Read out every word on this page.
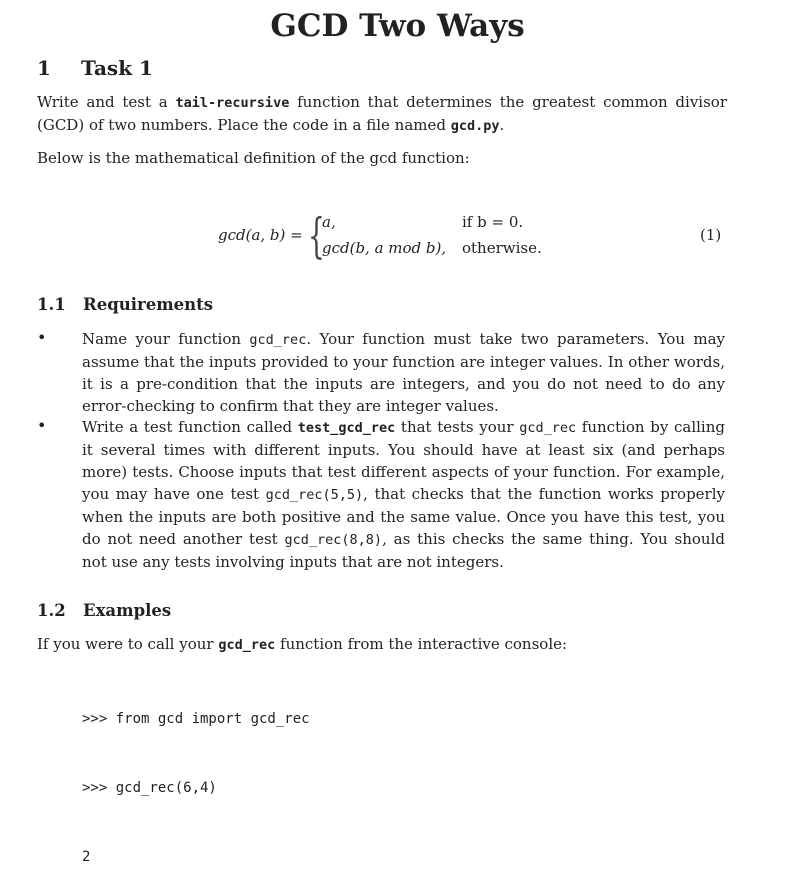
GCD Two Ways
1 Task 1
Write and test a tail-recursive function that determines the greatest common divisor (GCD) of two numbers. Place the code in a file named gcd.py.
Below is the mathematical definition of the gcd function:
gcd(a, b) = {
a,	if b = 0.
gcd(b, a mod b), otherwise.
(1)
1.1 Requirements
• Name your function gcd_rec. Your function must take two parameters. You may assume that the inputs provided to your function are integer values. In other words, it is a pre-condition that the inputs are integers, and you do not need to do any error-checking to confirm that they are integer values.
• Write a test function called test_gcd_rec that tests your gcd_rec function by calling it several times with different inputs. You should have at least six (and perhaps more) tests. Choose inputs that test different aspects of your function. For example, you may have one test gcd_rec(5,5), that checks that the function works properly when the inputs are both positive and the same value. Once you have this test, you do not need another test gcd_rec(8,8), as this checks the same thing. You should not use any tests involving inputs that are not integers.
1.2 Examples
If you were to call your gcd_rec function from the interactive console:

>>> from gcd import gcd_rec

>>> gcd_rec(6,4)

2
